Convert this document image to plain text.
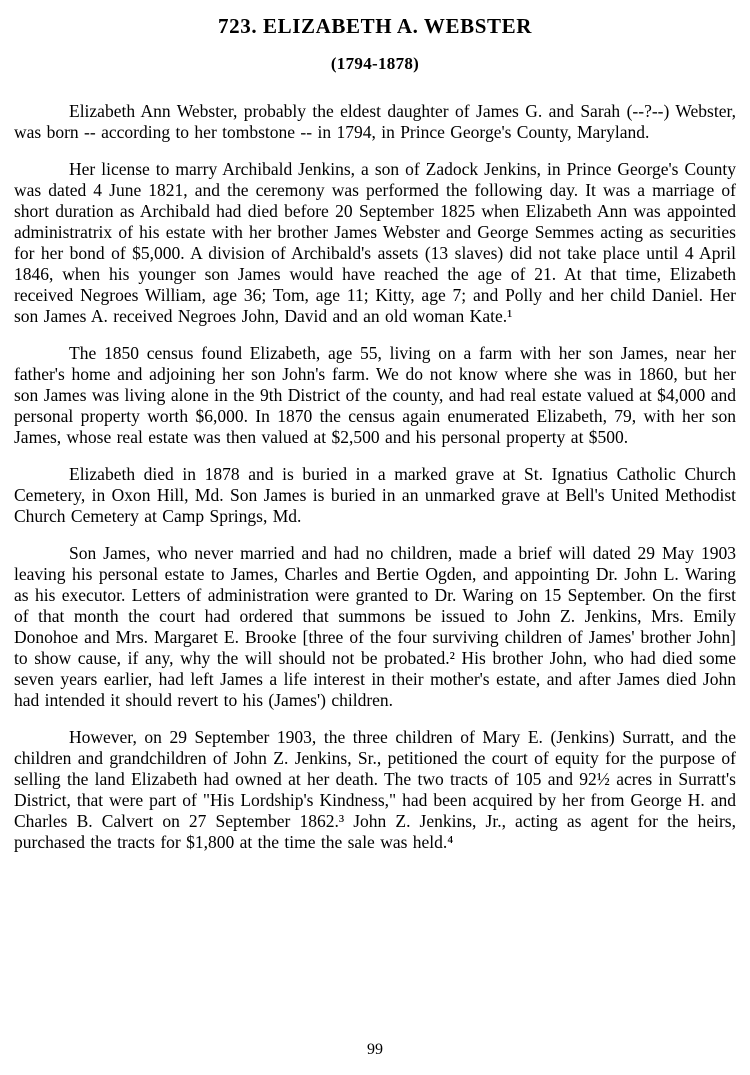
723. ELIZABETH A. WEBSTER
(1794-1878)

Elizabeth Ann Webster, probably the eldest daughter of James G. and Sarah (--?--) Webster, was born -- according to her tombstone -- in 1794, in Prince George's County, Maryland.

Her license to marry Archibald Jenkins, a son of Zadock Jenkins, in Prince George's County was dated 4 June 1821, and the ceremony was performed the following day. It was a marriage of short duration as Archibald had died before 20 September 1825 when Elizabeth Ann was appointed administratrix of his estate with her brother James Webster and George Semmes acting as securities for her bond of $5,000. A division of Archibald's assets (13 slaves) did not take place until 4 April 1846, when his younger son James would have reached the age of 21. At that time, Elizabeth received Negroes William, age 36; Tom, age 11; Kitty, age 7; and Polly and her child Daniel. Her son James A. received Negroes John, David and an old woman Kate.¹

The 1850 census found Elizabeth, age 55, living on a farm with her son James, near her father's home and adjoining her son John's farm. We do not know where she was in 1860, but her son James was living alone in the 9th District of the county, and had real estate valued at $4,000 and personal property worth $6,000. In 1870 the census again enumerated Elizabeth, 79, with her son James, whose real estate was then valued at $2,500 and his personal property at $500.

Elizabeth died in 1878 and is buried in a marked grave at St. Ignatius Catholic Church Cemetery, in Oxon Hill, Md. Son James is buried in an unmarked grave at Bell's United Methodist Church Cemetery at Camp Springs, Md.

Son James, who never married and had no children, made a brief will dated 29 May 1903 leaving his personal estate to James, Charles and Bertie Ogden, and appointing Dr. John L. Waring as his executor. Letters of administration were granted to Dr. Waring on 15 September. On the first of that month the court had ordered that summons be issued to John Z. Jenkins, Mrs. Emily Donohoe and Mrs. Margaret E. Brooke [three of the four surviving children of James' brother John] to show cause, if any, why the will should not be probated.² His brother John, who had died some seven years earlier, had left James a life interest in their mother's estate, and after James died John had intended it should revert to his (James') children.

However, on 29 September 1903, the three children of Mary E. (Jenkins) Surratt, and the children and grandchildren of John Z. Jenkins, Sr., petitioned the court of equity for the purpose of selling the land Elizabeth had owned at her death. The two tracts of 105 and 92½ acres in Surratt's District, that were part of "His Lordship's Kindness," had been acquired by her from George H. and Charles B. Calvert on 27 September 1862.³ John Z. Jenkins, Jr., acting as agent for the heirs, purchased the tracts for $1,800 at the time the sale was held.⁴

99
